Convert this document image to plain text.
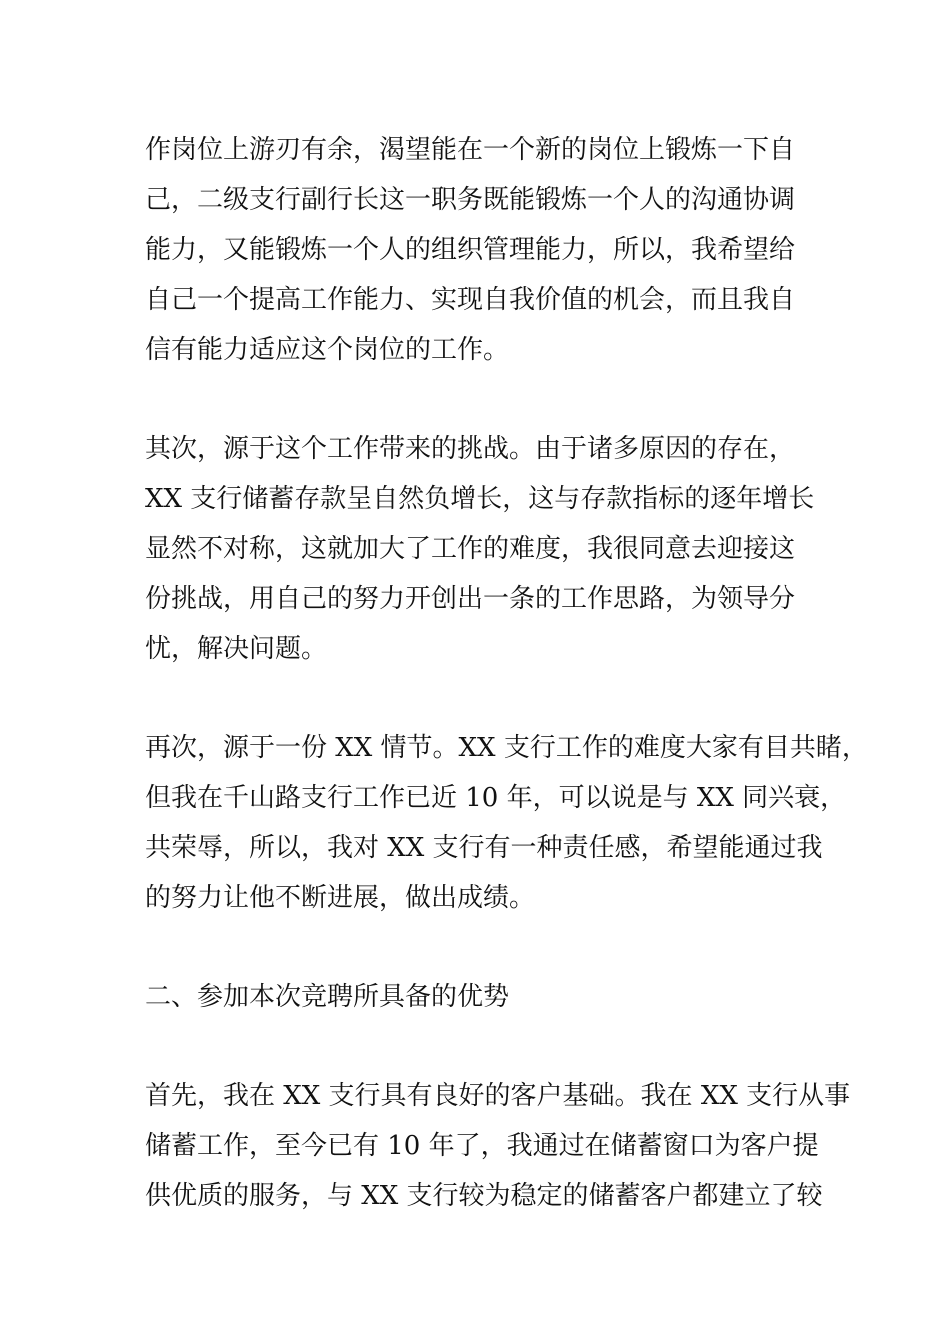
作岗位上游刃有余，渴望能在一个新的岗位上锻炼一下自
己，二级支行副行长这一职务既能锻炼一个人的沟通协调
能力，又能锻炼一个人的组织管理能力，所以，我希望给
自己一个提高工作能力、实现自我价值的机会，而且我自
信有能力适应这个岗位的工作。
其次，源于这个工作带来的挑战。由于诸多原因的存在，
XX 支行储蓄存款呈自然负增长，这与存款指标的逐年增长
显然不对称，这就加大了工作的难度，我很同意去迎接这
份挑战，用自己的努力开创出一条的工作思路，为领导分
忧，解决问题。
再次，源于一份 XX 情节。XX 支行工作的难度大家有目共睹，
但我在千山路支行工作已近 10 年，可以说是与 XX 同兴衰，
共荣辱，所以，我对 XX 支行有一种责任感，希望能通过我
的努力让他不断进展，做出成绩。
二、参加本次竞聘所具备的优势
首先，我在 XX 支行具有良好的客户基础。我在 XX 支行从事
储蓄工作，至今已有 10 年了，我通过在储蓄窗口为客户提
供优质的服务，与 XX 支行较为稳定的储蓄客户都建立了较
